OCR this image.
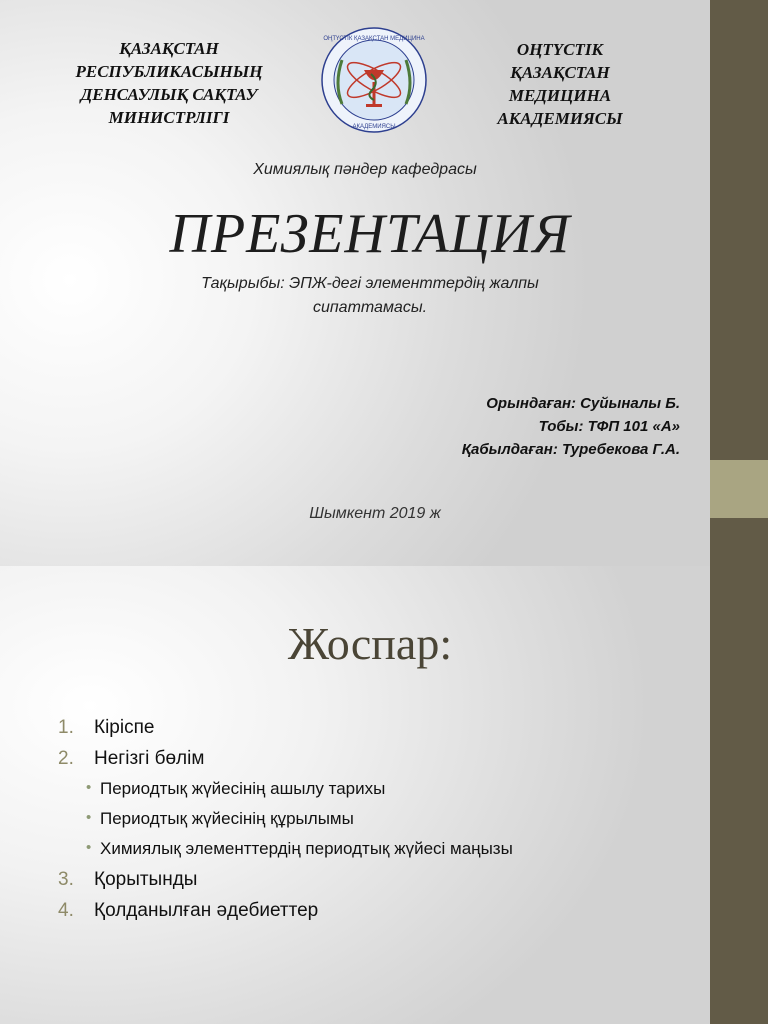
ҚАЗАҚСТАН
РЕСПУБЛИКАСЫНЫҢ
ДЕНСАУЛЫҚ САҚТАУ
МИНИСТРЛІГІ
ОҢТҮСТІК ҚАЗАҚСТАН МЕДИЦИНА
АКАДЕМИЯСЫ
ОҢТҮСТІК
ҚАЗАҚСТАН
МЕДИЦИНА
АКАДЕМИЯСЫ
Химиялық пәндер кафедрасы
ПРЕЗЕНТАЦИЯ
Тақырыбы: ЭПЖ-дегі элементтердің жалпы
сипаттамасы.
Орындаған: Суйыналы Б.
Тобы: ТФП 101 «А»
Қабылдаған: Туребекова Г.А.
Шымкент 2019 ж
Жоспар:
1.	Кіріспе
2.	Негізгі бөлім
• Периодтық жүйесінің ашылу тарихы
• Периодтық жүйесінің құрылымы
• Химиялық элементтердің периодтық жүйесі маңызы
3.	Қорытынды
4.	Қолданылған әдебиеттер
